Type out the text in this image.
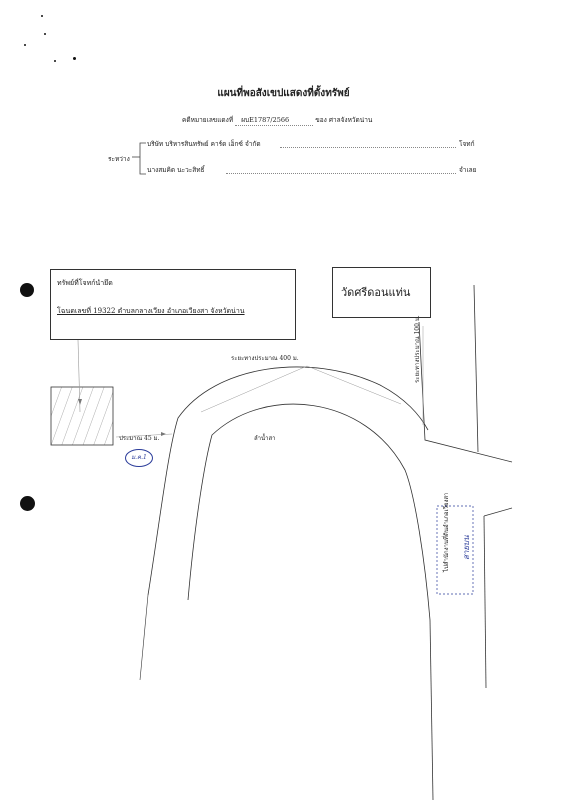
แผนที่พอสังเขปแสดงที่ตั้งทรัพย์
คดีหมายเลขแดงที่ ผบE1787/2566	ของ ศาลจังหวัดน่าน
ระหว่าง
บริษัท บริหารสินทรัพย์ คาร์ด เอ็กซ์ จำกัด	โจทก์
นางสมคิด นะวะสิทธิ์	จำเลย
ทรัพย์ที่โจทก์นำยึด
โฉนดเลขที่ 19322 ตำบลกลางเวียง อำเภอเวียงสา จังหวัดน่าน
วัดศรีดอนแท่น
ระยะทางประมาณ 400 ม.	ระยะทางประมาณ 100 ม.
ประมาณ 45 ม.	ลำน้ำสา
ไปสำนักงานที่ดินอำเภอเวียงสา
ม.ค.1
สายบน
